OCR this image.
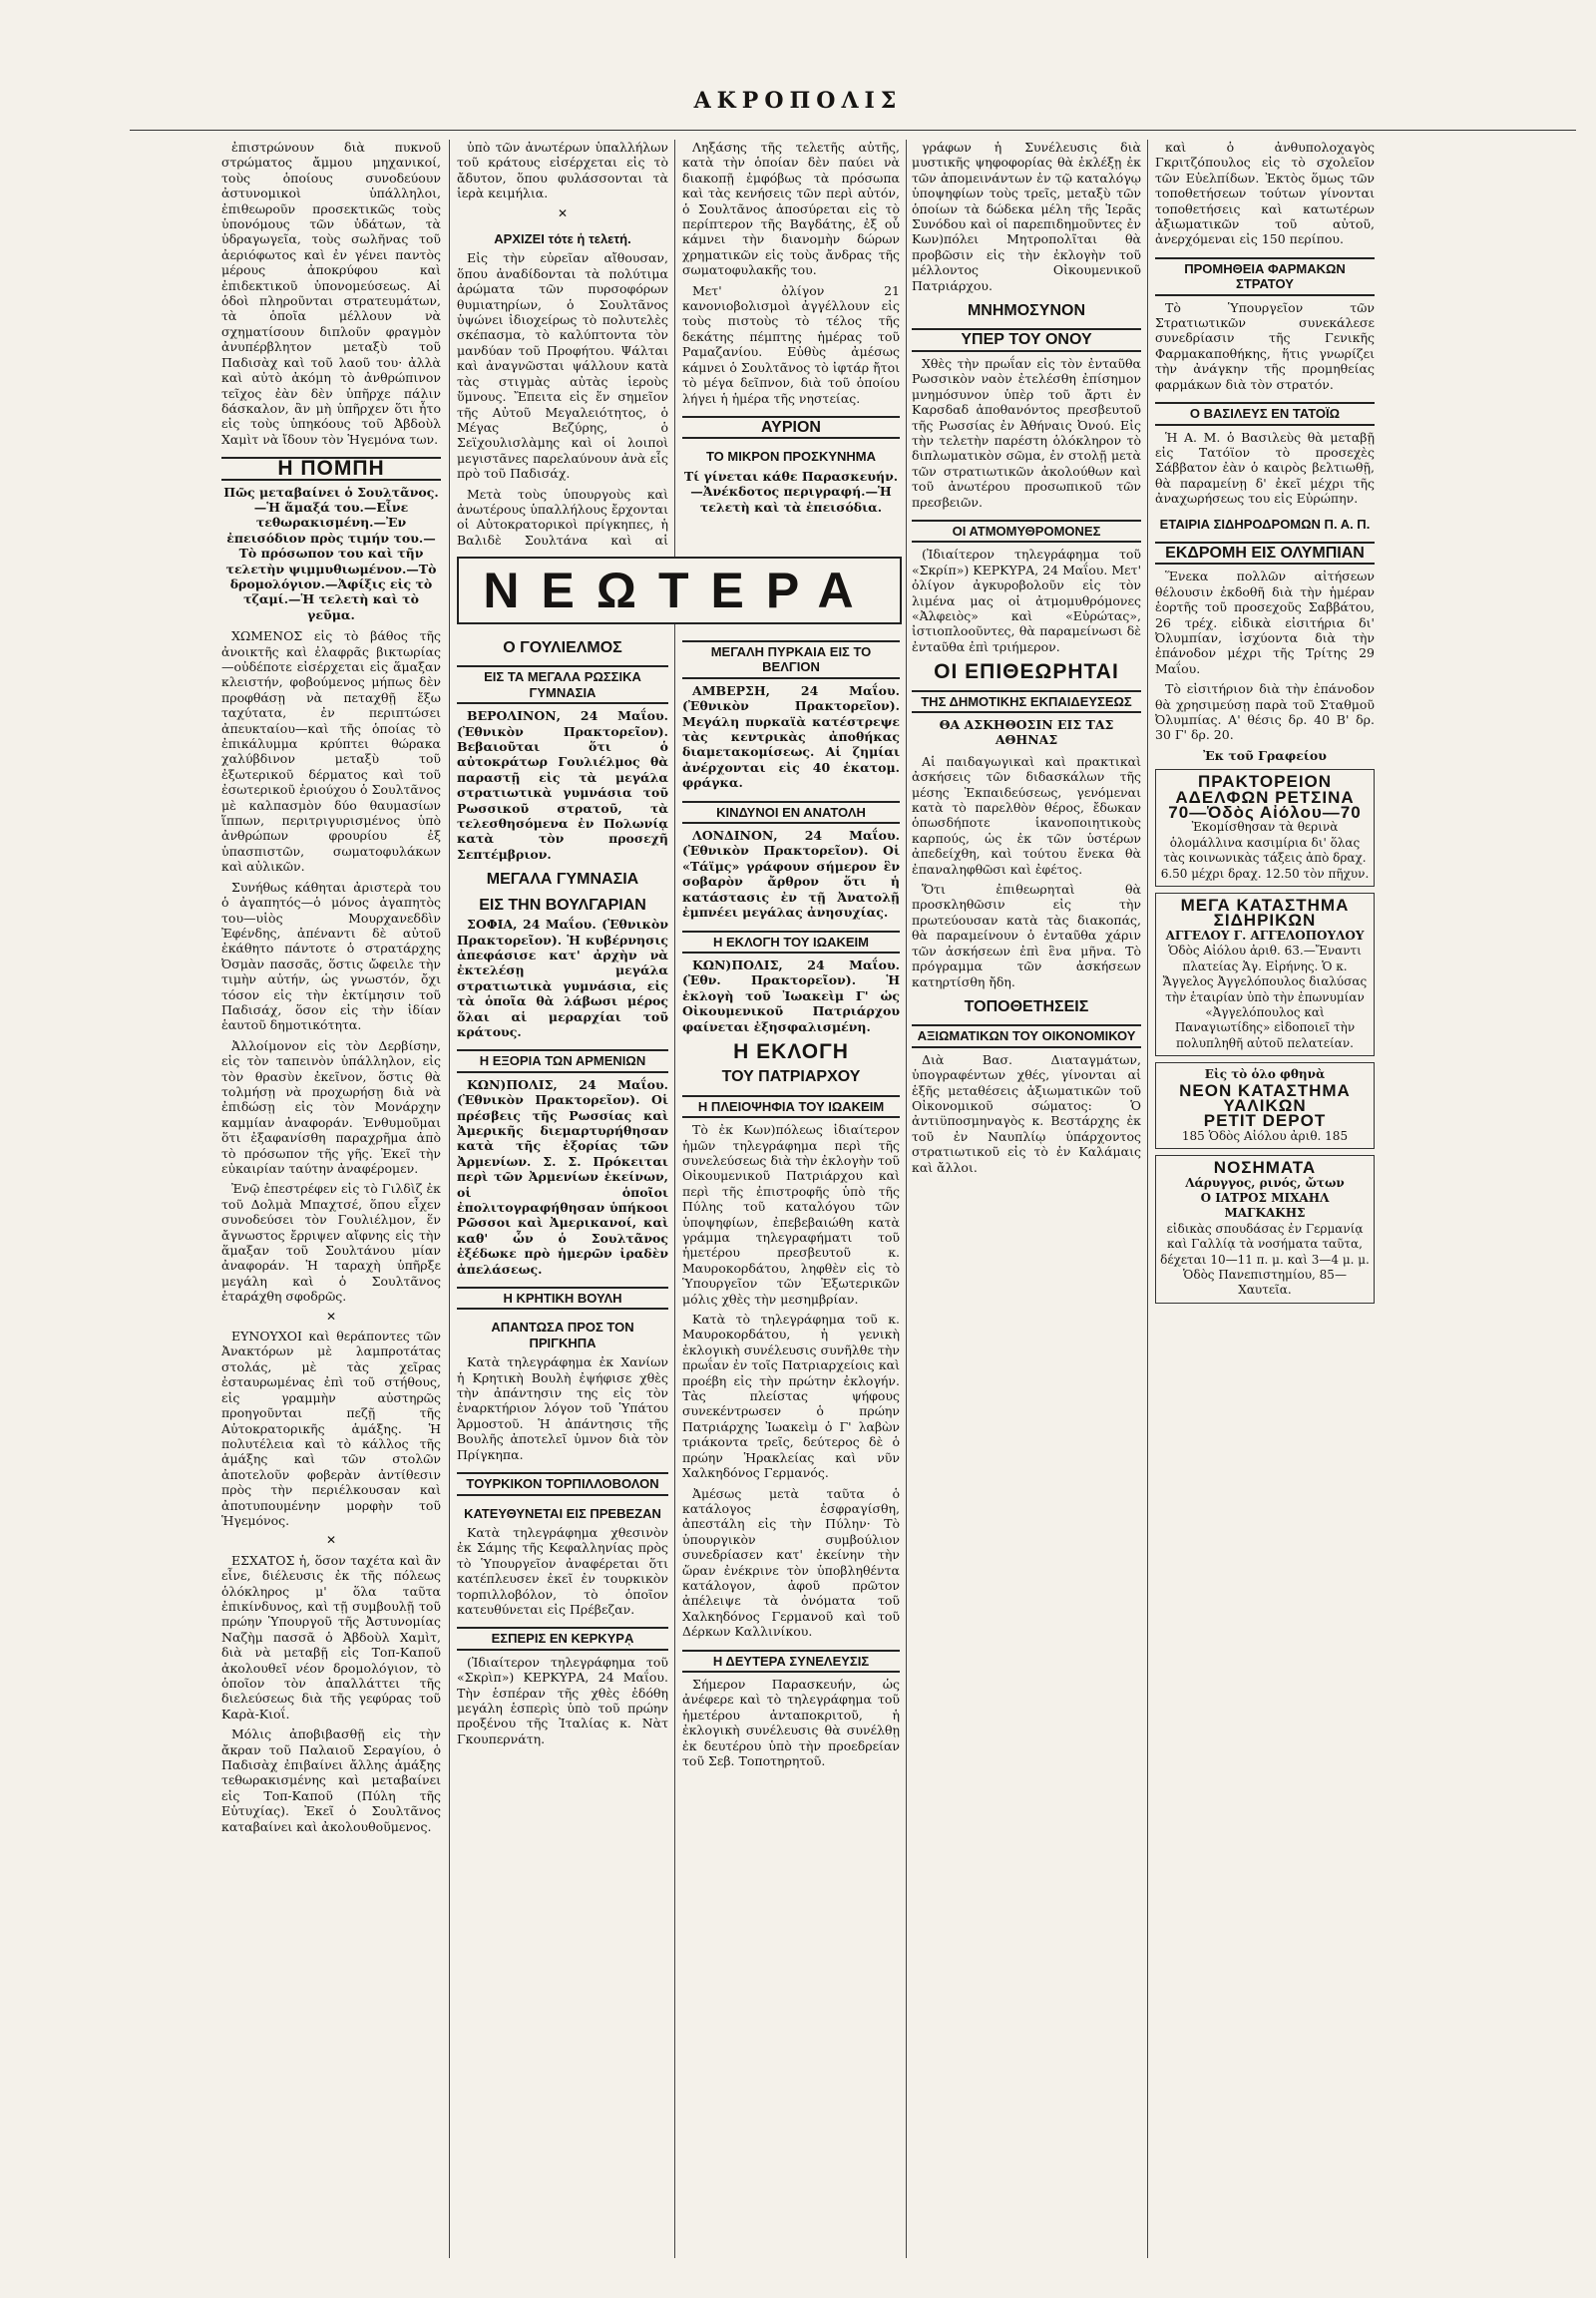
ΑΚΡΟΠΟΛΙΣ

ἐπιστρώνουν διὰ πυκνοῦ στρώματος ἄμμου μηχανικοί, τοὺς ὁποίους συνοδεύουν ἀστυνομικοὶ ὑπάλληλοι, ἐπιθεωροῦν προσεκτικῶς τοὺς ὑπονόμους τῶν ὑδάτων, τὰ ὑδραγωγεῖα, τοὺς σωλῆνας τοῦ ἀεριόφωτος καὶ ἐν γένει παντὸς μέρους ἀποκρύφου καὶ ἐπιδεκτικοῦ ὑπονομεύσεως. Αἱ ὁδοὶ πληροῦνται στρατευμάτων, τὰ ὁποῖα μέλλουν νὰ σχηματίσουν διπλοῦν φραγμὸν ἀνυπέρβλητον μεταξὺ τοῦ Παδισὰχ καὶ τοῦ λαοῦ του· ἀλλὰ καὶ αὐτὸ ἀκόμη τὸ ἀνθρώπινον τεῖχος ἐὰν δὲν ὑπῆρχε πάλιν δάσκαλον, ἂν μὴ ὑπῆρχεν ὅτι ἦτο εἰς τοὺς ὑπηκόους τοῦ Ἀβδοὺλ Χαμὶτ νὰ ἴδουν τὸν Ἡγεμόνα των.

Η ΠΟΜΠΗ
Πῶς μεταβαίνει ὁ Σουλτᾶνος.—Ἡ ἅμαξά του.—Εἶνε τεθωρακισμένη.—Ἐν ἐπεισόδιον πρὸς τιμήν του.—Τὸ πρόσωπον του καὶ τῆν τελετὴν ψιμμυθιωμένον.—Τὸ δρομολόγιον.—Ἀφίξις εἰς τὸ τζαμί.—Ἡ τελετὴ καὶ τὸ γεῦμα.

ΧΩΜΕΝΟΣ εἰς τὸ βάθος τῆς ἀνοικτῆς καὶ ἐλαφρᾶς βικτωρίας—οὐδέποτε εἰσέρχεται εἰς ἅμαξαν κλειστήν, φοβούμενος μήπως δὲν προφθάσῃ νὰ πεταχθῇ ἔξω ταχύτατα, ἐν περιπτώσει ἀπευκταίου—καὶ τῆς ὁποίας τὸ ἐπικάλυμμα κρύπτει θώρακα χαλύβδινον μεταξὺ τοῦ ἐξωτερικοῦ δέρματος καὶ τοῦ ἐσωτερικοῦ ἐριούχου ὁ Σουλτᾶνος μὲ καλπασμὸν δύο θαυμασίων ἵππων, περιτριγυρισμένος ὑπὸ ἀνθρώπων φρουρίου ἐξ ὑπασπιστῶν, σωματοφυλάκων καὶ αὐλικῶν.

Συνήθως κάθηται ἀριστερὰ του ὁ ἀγαπητός—ὁ μόνος ἀγαπητὸς του—υἱὸς Μουρχανεδδὶν Ἐφένδης, ἀπέναντι δὲ αὐτοῦ ἐκάθητο πάντοτε ὁ στρατάρχης Ὀσμὰν πασσᾶς, ὅστις ὤφειλε τὴν τιμὴν αὐτήν, ὡς γνωστόν, ὄχι τόσον εἰς τὴν ἐκτίμησιν τοῦ Παδισάχ, ὅσον εἰς τὴν ἰδίαν ἑαυτοῦ δημοτικότητα.

Ἀλλοίμονον εἰς τὸν Δερβίσην, εἰς τὸν ταπεινὸν ὑπάλληλον, εἰς τὸν θρασὺν ἐκεῖνον, ὅστις θὰ τολμήσῃ νὰ προχωρήσῃ διὰ νὰ ἐπιδώσῃ εἰς τὸν Μονάρχην καμμίαν ἀναφοράν. Ἐνθυμοῦμαι ὅτι ἐξαφανίσθη παραχρῆμα ἀπὸ τὸ πρόσωπον τῆς γῆς. Ἐκεῖ τὴν εὐκαιρίαν ταύτην ἀναφέρομεν.

Ἐνῷ ἐπεστρέφεν εἰς τὸ Γιλδὶζ ἐκ τοῦ Δολμὰ Μπαχτσέ, ὅπου εἶχεν συνοδεύσει τὸν Γουλιέλμον, ἕν ἄγνωστος ἔρριψεν αἴφνης εἰς τὴν ἅμαξαν τοῦ Σουλτάνου μίαν ἀναφοράν. Ἡ ταραχὴ ὑπῆρξε μεγάλη καὶ ὁ Σουλτᾶνος ἐταράχθη σφοδρῶς.

✕

ΕΥΝΟΥΧΟΙ καὶ θεράποντες τῶν Ἀνακτόρων μὲ λαμπροτάτας στολάς, μὲ τὰς χεῖρας ἐσταυρωμένας ἐπὶ τοῦ στήθους, εἰς γραμμὴν αὐστηρῶς προηγοῦνται πεζῇ τῆς Αὐτοκρατορικῆς ἁμάξης. Ἡ πολυτέλεια καὶ τὸ κάλλος τῆς ἁμάξης καὶ τῶν στολῶν ἀποτελοῦν φοβερὰν ἀντίθεσιν πρὸς τὴν περιέλκουσαν καὶ ἀποτυπουμένην μορφὴν τοῦ Ἡγεμόνος.

✕

ΕΣΧΑΤΟΣ ἡ, ὅσον ταχέτα καὶ ἂν εἶνε, διέλευσις ἐκ τῆς πόλεως ὁλόκληρος μ' ὅλα ταῦτα ἐπικίνδυνος, καὶ τῇ συμβουλῇ τοῦ πρώην Ὑπουργοῦ τῆς Ἀστυνομίας Ναζὴμ πασσᾶ ὁ Ἀβδοὺλ Χαμὶτ, διὰ νὰ μεταβῇ εἰς Τοπ-Καποῦ ἀκολουθεῖ νέον δρομολόγιον, τὸ ὁποῖον τὸν ἀπαλλάττει τῆς διελεύσεως διὰ τῆς γεφύρας τοῦ Καρὰ-Κιοΐ.

Μόλις ἀποβιβασθῇ εἰς τὴν ἄκραν τοῦ Παλαιοῦ Σεραγίου, ὁ Παδισὰχ ἐπιβαίνει ἄλλης ἁμάξης τεθωρακισμένης καὶ μεταβαίνει εἰς Τοπ-Καποῦ (Πύλη τῆς Εὐτυχίας). Ἐκεῖ ὁ Σουλτᾶνος καταβαίνει καὶ ἀκολουθοῦμενος.

ὑπὸ τῶν ἀνωτέρων ὑπαλλήλων τοῦ κράτους εἰσέρχεται εἰς τὸ ἄδυτον, ὅπου φυλάσσονται τὰ ἱερὰ κειμήλια.

✕
ΑΡΧΙΖΕΙ τότε ἡ τελετή.

Εἰς τὴν εὐρεῖαν αἴθουσαν, ὅπου ἀναδίδονται τὰ πολύτιμα ἀρώματα τῶν πυρσοφόρων θυμιατηρίων, ὁ Σουλτᾶνος ὑψώνει ἰδιοχείρως τὸ πολυτελὲς σκέπασμα, τὸ καλύπτοντα τὸν μανδύαν τοῦ Προφήτου. Ψάλται καὶ ἀναγνῶσται ψάλλουν κατὰ τὰς στιγμὰς αὐτὰς ἱεροὺς ὕμνους. Ἔπειτα εἰς ἕν σημεῖον τῆς Αὐτοῦ Μεγαλειότητος, ὁ Μέγας Βεζύρης, ὁ Σεϊχουλισλὰμης καὶ οἱ λοιποὶ μεγιστᾶνες παρελαύνουν ἀνὰ εἷς πρὸ τοῦ Παδισάχ.

Μετὰ τοὺς ὑπουργοὺς καὶ ἀνωτέρους ὑπαλλήλους ἔρχονται οἱ Αὐτοκρατορικοὶ πρίγκηπες, ἡ Βαλιδὲ Σουλτάνα καὶ αἱ

Ληξάσης τῆς τελετῆς αὐτῆς, κατὰ τὴν ὁποίαν δὲν παύει νὰ διακοπῇ ἐμφόβως τὰ πρόσωπα καὶ τὰς κενήσεις τῶν περὶ αὐτόν, ὁ Σουλτᾶνος ἀποσύρεται εἰς τὸ περίπτερον τῆς Βαγδάτης, ἐξ οὗ κάμνει τὴν διανομὴν δώρων χρηματικῶν εἰς τοὺς ἄνδρας τῆς σωματοφυλακῆς του.

Μετ' ὀλίγον 21 κανονιοβολισμοὶ ἀγγέλλουν εἰς τοὺς πιστοὺς τὸ τέλος τῆς δεκάτης πέμπτης ἡμέρας τοῦ Ραμαζανίου. Εὐθὺς ἀμέσως κάμνει ὁ Σουλτᾶνος τὸ ἰφτάρ ἤτοι τὸ μέγα δεῖπνον, διὰ τοῦ ὁποίου λήγει ἡ ἡμέρα τῆς νηστείας.

ΑΥΡΙΟΝ
ΤΟ ΜΙΚΡΟΝ ΠΡΟΣΚΥΝΗΜΑ
Τί γίνεται κάθε Παρασκευήν.—Ἀνέκδοτος περιγραφή.—Ἡ τελετὴ καὶ τὰ ἐπεισόδια.
ΝΕΩΤΕΡΑ
Ο ΓΟΥΛΙΕΛΜΟΣ
ΕΙΣ ΤΑ ΜΕΓΑΛΑ ΡΩΣΣΙΚΑ ΓΥΜΝΑΣΙΑ

ΒΕΡΟΛΙΝΟΝ, 24 Μαΐου. (Ἐθνικὸν Πρακτορεῖον). Βεβαιοῦται ὅτι ὁ αὐτοκράτωρ Γουλιέλμος θὰ παραστῇ εἰς τὰ μεγάλα στρατιωτικὰ γυμνάσια τοῦ Ρωσσικοῦ στρατοῦ, τὰ τελεσθησόμενα ἐν Πολωνίᾳ κατὰ τὸν προσεχῆ Σεπτέμβριον.

ΜΕΓΑΛΑ ΓΥΜΝΑΣΙΑ
ΕΙΣ ΤΗΝ ΒΟΥΛΓΑΡΙΑΝ

ΣΟΦΙΑ, 24 Μαΐου. (Ἐθνικὸν Πρακτορεῖον). Ἡ κυβέρνησις ἀπεφάσισε κατ' ἀρχὴν νὰ ἐκτελέσῃ μεγάλα στρατιωτικὰ γυμνάσια, εἰς τὰ ὁποῖα θὰ λάβωσι μέρος ὅλαι αἱ μεραρχίαι τοῦ κράτους.

Η ΕΞΟΡΙΑ ΤΩΝ ΑΡΜΕΝΙΩΝ

ΚΩΝ)ΠΟΛΙΣ, 24 Μαΐου. (Ἐθνικὸν Πρακτορεῖον). Οἱ πρέσβεις τῆς Ρωσσίας καὶ Ἀμερικῆς διεμαρτυρήθησαν κατὰ τῆς ἐξορίας τῶν Ἀρμενίων. Σ. Σ. Πρόκειται περὶ τῶν Ἀρμενίων ἐκείνων, οἱ ὁποῖοι ἐπολιτογραφήθησαν ὑπήκοοι Ρῶσσοι καὶ Ἀμερικανοί, καὶ καθ' ὧν ὁ Σουλτᾶνος ἐξέδωκε πρὸ ἡμερῶν ἰραδὲν ἀπελάσεως.

Η ΚΡΗΤΙΚΗ ΒΟΥΛΗ
ΑΠΑΝΤΩΣΑ ΠΡΟΣ ΤΟΝ ΠΡΙΓΚΗΠΑ

Κατὰ τηλεγράφημα ἐκ Χανίων ἡ Κρητικὴ Βουλὴ ἐψήφισε χθὲς τὴν ἀπάντησιν της εἰς τὸν ἐναρκτήριον λόγον τοῦ Ὑπάτου Ἁρμοστοῦ. Ἡ ἀπάντησις τῆς Βουλῆς ἀποτελεῖ ὑμνον διὰ τὸν Πρίγκηπα.

ΤΟΥΡΚΙΚΟΝ ΤΟΡΠΙΛΛΟΒΟΛΟΝ
ΚΑΤΕΥΘΥΝΕΤΑΙ ΕΙΣ ΠΡΕΒΕΖΑΝ

Κατὰ τηλεγράφημα χθεσινὸν ἐκ Σάμης τῆς Κεφαλληνίας πρὸς τὸ Ὑπουργεῖον ἀναφέρεται ὅτι κατέπλευσεν ἐκεῖ ἐν τουρκικὸν τορπιλλοβόλον, τὸ ὁποῖον κατευθύνεται εἰς Πρέβεζαν.

ΕΣΠΕΡΙΣ ΕΝ ΚΕΡΚΥΡᾼ

(Ἰδιαίτερον τηλεγράφημα τοῦ «Σκρὶπ») ΚΕΡΚΥΡΑ, 24 Μαΐου. Τὴν ἑσπέραν τῆς χθὲς ἐδόθη μεγάλη ἑσπερὶς ὑπὸ τοῦ πρώην προξένου τῆς Ἰταλίας κ. Νὰτ Γκουπερνάτη.

ΜΕΓΑΛΗ ΠΥΡΚΑΙΑ ΕΙΣ ΤΟ ΒΕΛΓΙΟΝ

ΑΜΒΕΡΣΗ, 24 Μαΐου. (Ἐθνικὸν Πρακτορεῖον). Μεγάλη πυρκαϊὰ κατέστρεψε τὰς κεντρικὰς ἀποθήκας διαμετακομίσεως. Αἱ ζημίαι ἀνέρχονται εἰς 40 ἑκατομ. φράγκα.

ΚΙΝΔΥΝΟΙ ΕΝ ΑΝΑΤΟΛΗ

ΛΟΝΔΙΝΟΝ, 24 Μαΐου. (Ἐθνικὸν Πρακτορεῖον). Οἱ «Τάϊμς» γράφουν σήμερον ἓν σοβαρὸν ἄρθρον ὅτι ἡ κατάστασις ἐν τῇ Ἀνατολῇ ἐμπνέει μεγάλας ἀνησυχίας.

Η ΕΚΛΟΓΗ ΤΟΥ ΙΩΑΚΕΙΜ

ΚΩΝ)ΠΟΛΙΣ, 24 Μαΐου. (Ἐθν. Πρακτορεῖον). Ἡ ἐκλογὴ τοῦ Ἰωακεὶμ Γ' ὡς Οἰκουμενικοῦ Πατριάρχου φαίνεται ἐξησφαλισμένη.

Η ΕΚΛΟΓΗ
ΤΟΥ ΠΑΤΡΙΑΡΧΟΥ
Η ΠΛΕΙΟΨΗΦΙΑ ΤΟΥ ΙΩΑΚΕΙΜ

Τὸ ἐκ Κων)πόλεως ἰδιαίτερον ἡμῶν τηλεγράφημα περὶ τῆς συνελεύσεως διὰ τὴν ἐκλογὴν τοῦ Οἰκουμενικοῦ Πατριάρχου καὶ περὶ τῆς ἐπιστροφῆς ὑπὸ τῆς Πύλης τοῦ καταλόγου τῶν ὑποψηφίων, ἐπεβεβαιώθη κατὰ γράμμα τηλεγραφήματι τοῦ ἡμετέρου πρεσβευτοῦ κ. Μαυροκορδάτου, ληφθὲν εἰς τὸ Ὑπουργεῖον τῶν Ἐξωτερικῶν μόλις χθὲς τὴν μεσημβρίαν.

Κατὰ τὸ τηλεγράφημα τοῦ κ. Μαυροκορδάτου, ἡ γενικὴ ἐκλογικὴ συνέλευσις συνῆλθε τὴν πρωΐαν ἐν τοῖς Πατριαρχείοις καὶ προέβη εἰς τὴν πρώτην ἐκλογήν. Τὰς πλείστας ψήφους συνεκέντρωσεν ὁ πρώην Πατριάρχης Ἰωακεὶμ ὁ Γ' λαβὼν τριάκοντα τρεῖς, δεύτερος δὲ ὁ πρώην Ἡρακλείας καὶ νῦν Χαλκηδόνος Γερμανός.

Ἀμέσως μετὰ ταῦτα ὁ κατάλογος ἐσφραγίσθη, ἀπεστάλη εἰς τὴν Πύλην· Τὸ ὑπουργικὸν συμβούλιον συνεδρίασεν κατ' ἐκείνην τὴν ὥραν ἐνέκρινε τὸν ὑποβληθέντα κατάλογον, ἀφοῦ πρῶτον ἀπέλειψε τὰ ὀνόματα τοῦ Χαλκηδόνος Γερμανοῦ καὶ τοῦ Δέρκων Καλλινίκου.

Η ΔΕΥΤΕΡΑ ΣΥΝΕΛΕΥΣΙΣ

Σήμερον Παρασκευήν, ὡς ἀνέφερε καὶ τὸ τηλεγράφημα τοῦ ἡμετέρου ἀνταποκριτοῦ, ἡ ἐκλογικὴ συνέλευσις θὰ συνέλθῃ ἐκ δευτέρου ὑπὸ τὴν προεδρείαν τοῦ Σεβ. Τοποτηρητοῦ.

γράφων ἡ Συνέλευσις διὰ μυστικῆς ψηφοφορίας θὰ ἐκλέξῃ ἐκ τῶν ἀπομεινάντων ἐν τῷ καταλόγῳ ὑποψηφίων τοὺς τρεῖς, μεταξὺ τῶν ὁποίων τὰ δώδεκα μέλη τῆς Ἱερᾶς Συνόδου καὶ οἱ παρεπιδημοῦντες ἐν Κων)πόλει Μητροπολῖται θὰ προβῶσιν εἰς τὴν ἐκλογὴν τοῦ μέλλοντος Οἰκουμενικοῦ Πατριάρχου.

ΜΝΗΜΟΣΥΝΟΝ
ΥΠΕΡ ΤΟΥ ΟΝΟΥ

Χθὲς τὴν πρωΐαν εἰς τὸν ἐνταῦθα Ρωσσικὸν ναὸν ἐτελέσθη ἐπίσημον μνημόσυνον ὑπὲρ τοῦ ἄρτι ἐν Καρσδαδ ἀποθανόντος πρεσβευτοῦ τῆς Ρωσσίας ἐν Ἀθήναις Ὀνού. Εἰς τὴν τελετὴν παρέστη ὁλόκληρον τὸ διπλωματικὸν σῶμα, ἐν στολῇ μετὰ τῶν στρατιωτικῶν ἀκολούθων καὶ τοῦ ἀνωτέρου προσωπικοῦ τῶν πρεσβειῶν.

ΟΙ ΑΤΜΟΜΥΘΡΟΜΟΝΕΣ

(Ἰδιαίτερον τηλεγράφημα τοῦ «Σκρίπ») ΚΕΡΚΥΡΑ, 24 Μαΐου. Μετ' ὀλίγον ἀγκυροβολοῦν εἰς τὸν λιμένα μας οἱ ἀτμομυθρόμονες «Ἀλφειὸς» καὶ «Εὐρώτας», ἰστιοπλοοῦντες, θὰ παραμείνωσι δὲ ἐνταῦθα ἐπὶ τριήμερον.

ΟΙ ΕΠΙΘΕΩΡΗΤΑΙ
ΤΗΣ ΔΗΜΟΤΙΚΗΣ ΕΚΠΑΙΔΕΥΣΕΩΣ
ΘΑ ΑΣΚΗΘΟΣΙΝ ΕΙΣ ΤΑΣ ΑΘΗΝΑΣ

Αἱ παιδαγωγικαὶ καὶ πρακτικαὶ ἀσκήσεις τῶν διδασκάλων τῆς μέσης Ἐκπαιδεύσεως, γενόμεναι κατὰ τὸ παρελθὸν θέρος, ἔδωκαν ὁπωσδήποτε ἱκανοποιητικοὺς καρπούς, ὡς ἐκ τῶν ὑστέρων ἀπεδείχθη, καὶ τούτου ἕνεκα θὰ ἐπαναληφθῶσι καὶ ἐφέτος.

Ὅτι ἐπιθεωρηταὶ θὰ προσκληθῶσιν εἰς τὴν πρωτεύουσαν κατὰ τὰς διακοπάς, θὰ παραμείνουν ὁ ἐνταῦθα χάριν τῶν ἀσκήσεων ἐπὶ ἓνα μῆνα. Τὸ πρόγραμμα τῶν ἀσκήσεων κατηρτίσθη ἤδη.

ΤΟΠΟΘΕΤΗΣΕΙΣ
ΑΞΙΩΜΑΤΙΚΩΝ ΤΟΥ ΟΙΚΟΝΟΜΙΚΟΥ

Διὰ Βασ. Διαταγμάτων, ὑπογραφέντων χθές, γίνονται αἱ ἑξῆς μεταθέσεις ἀξιωματικῶν τοῦ Οἰκονομικοῦ σώματος: Ὁ ἀντιϋποσμηναγὸς κ. Βεστάρχης ἐκ τοῦ ἐν Ναυπλίῳ ὑπάρχοντος στρατιωτικοῦ εἰς τὸ ἐν Καλάμαις καὶ ἄλλοι.

καὶ ὁ ἀνθυπολοχαγὸς Γκριτζόπουλος εἰς τὸ σχολεῖον τῶν Εὐελπίδων. Ἐκτὸς ὅμως τῶν τοποθετήσεων τούτων γίνονται τοποθετήσεις καὶ κατωτέρων ἀξιωματικῶν τοῦ αὐτοῦ, ἀνερχόμεναι εἰς 150 περίπου.

ΠΡΟΜΗΘΕΙΑ ΦΑΡΜΑΚΩΝ ΣΤΡΑΤΟΥ

Τὸ Ὑπουργεῖον τῶν Στρατιωτικῶν συνεκάλεσε συνεδρίασιν τῆς Γενικῆς Φαρμακαποθήκης, ἥτις γνωρίζει τὴν ἀνάγκην τῆς προμηθείας φαρμάκων διὰ τὸν στρατόν.

Ο ΒΑΣΙΛΕΥΣ ΕΝ ΤΑΤΟΪΩ

Ἡ Α. Μ. ὁ Βασιλεὺς θὰ μεταβῇ εἰς Τατόϊον τὸ προσεχὲς Σάββατον ἐὰν ὁ καιρὸς βελτιωθῇ, θὰ παραμείνῃ δ' ἐκεῖ μέχρι τῆς ἀναχωρήσεως του εἰς Εὐρώπην.

ΕΤΑΙΡΙΑ ΣΙΔΗΡΟΔΡΟΜΩΝ Π. Α. Π.
ΕΚΔΡΟΜΗ ΕΙΣ ΟΛΥΜΠΙΑΝ

Ἕνεκα πολλῶν αἰτήσεων θέλουσιν ἐκδοθῆ διὰ τὴν ἡμέραν ἑορτῆς τοῦ προσεχοῦς Σαββάτου, 26 τρέχ. εἰδικὰ εἰσιτήρια δι' Ὀλυμπίαν, ἰσχύοντα διὰ τὴν ἐπάνοδον μέχρι τῆς Τρίτης 29 Μαΐου.

Τὸ εἰσιτήριον διὰ τὴν ἐπάνοδον θὰ χρησιμεύσῃ παρὰ τοῦ Σταθμοῦ Ὀλυμπίας. Α' θέσις δρ. 40 Β' δρ. 30 Γ' δρ. 20.

Ἐκ τοῦ Γραφείου
ΠΡΑΚΤΟΡΕΙΟΝ ΑΔΕΛΦΩΝ ΡΕΤΣΙΝΑ
70—Ὁδὸς Αἰόλου—70
Ἐκομίσθησαν τὰ θερινὰ ὁλομάλλινα κασιμίρια δι' ὅλας τὰς κοινωνικὰς τάξεις ἀπὸ δραχ. 6.50 μέχρι δραχ. 12.50 τὸν πῆχυν.
ΜΕΓΑ ΚΑΤΑΣΤΗΜΑ ΣΙΔΗΡΙΚΩΝ
ΑΓΓΕΛΟΥ Γ. ΑΓΓΕΛΟΠΟΥΛΟΥ
Ὁδὸς Αἰόλου ἀριθ. 63.—Ἔναντι πλατείας Ἁγ. Εἰρήνης. Ὁ κ. Ἄγγελος Ἀγγελόπουλος διαλύσας τὴν ἑταιρίαν ὑπὸ τὴν ἐπωνυμίαν «Ἀγγελόπουλος καὶ Παναγιωτίδης» εἰδοποιεῖ τὴν πολυπληθῆ αὐτοῦ πελατείαν.
Εἰς τὸ ὁλο φθηνὰ
ΝΕΟΝ ΚΑΤΑΣΤΗΜΑ ΥΑΛΙΚΩΝ
PETIT DEPOT
185 Ὁδὸς Αἰόλου ἀριθ. 185
ΝΟΣΗΜΑΤΑ
Λάρυγγος, ρινός, ὤτων
Ο ΙΑΤΡΟΣ ΜΙΧΑΗΛ ΜΑΓΚΑΚΗΣ
εἰδικὰς σπουδάσας ἐν Γερμανίᾳ καὶ Γαλλίᾳ τὰ νοσήματα ταῦτα, δέχεται 10—11 π. μ. καὶ 3—4 μ. μ. Ὁδὸς Πανεπιστημίου, 85—Χαυτεῖα.
